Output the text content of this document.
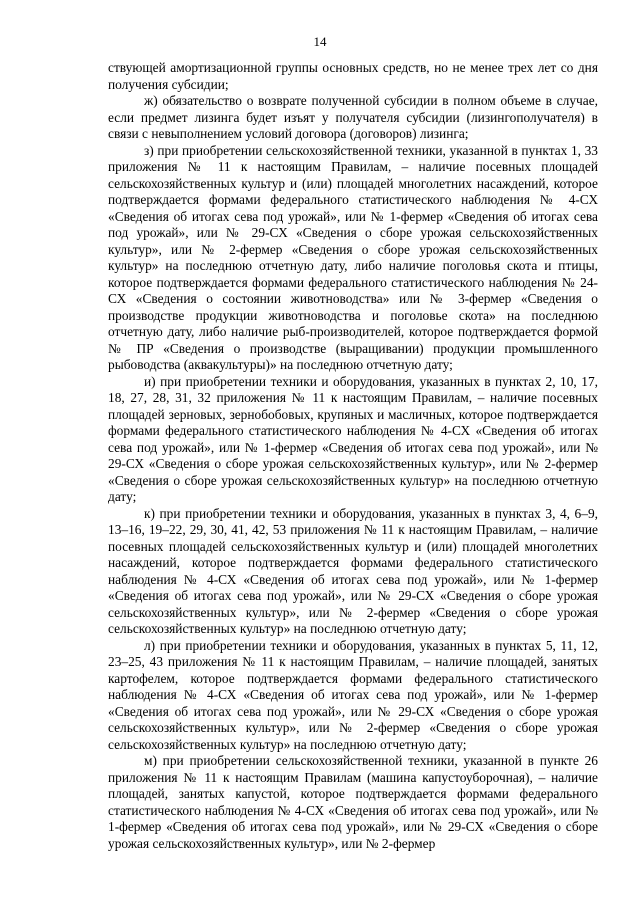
14

ствующей амортизационной группы основных средств, но не менее трех лет со дня получения субсидии;

ж) обязательство о возврате полученной субсидии в полном объеме в случае, если предмет лизинга будет изъят у получателя субсидии (лизингополучателя) в связи с невыполнением условий договора (договоров) лизинга;

з) при приобретении сельскохозяйственной техники, указанной в пунктах 1, 33 приложения № 11 к настоящим Правилам, – наличие посевных площадей сельскохозяйственных культур и (или) площадей многолетних насаждений, которое подтверждается формами федерального статистического наблюдения № 4-СХ «Сведения об итогах сева под урожай», или № 1-фермер «Сведения об итогах сева под урожай», или № 29-СХ «Сведения о сборе урожая сельскохозяйственных культур», или № 2-фермер «Сведения о сборе урожая сельскохозяйственных культур» на последнюю отчетную дату, либо наличие поголовья скота и птицы, которое подтверждается формами федерального статистического наблюдения № 24-СХ «Сведения о состоянии животноводства» или № 3-фермер «Сведения о производстве продукции животноводства и поголовье скота» на последнюю отчетную дату, либо наличие рыб-производителей, которое подтверждается формой № ПР «Сведения о производстве (выращивании) продукции промышленного рыбоводства (аквакультуры)» на последнюю отчетную дату;

и) при приобретении техники и оборудования, указанных в пунктах 2, 10, 17, 18, 27, 28, 31, 32 приложения № 11 к настоящим Правилам, – наличие посевных площадей зерновых, зернобобовых, крупяных и масличных, которое подтверждается формами федерального статистического наблюдения № 4-СХ «Сведения об итогах сева под урожай», или № 1-фермер «Сведения об итогах сева под урожай», или № 29-СХ «Сведения о сборе урожая сельскохозяйственных культур», или № 2-фермер «Сведения о сборе урожая сельскохозяйственных культур» на последнюю отчетную дату;

к) при приобретении техники и оборудования, указанных в пунктах 3, 4, 6–9, 13–16, 19–22, 29, 30, 41, 42, 53 приложения № 11 к настоящим Правилам, – наличие посевных площадей сельскохозяйственных культур и (или) площадей многолетних насаждений, которое подтверждается формами федерального статистического наблюдения № 4-СХ «Сведения об итогах сева под урожай», или № 1-фермер «Сведения об итогах сева под урожай», или № 29-СХ «Сведения о сборе урожая сельскохозяйственных культур», или № 2-фермер «Сведения о сборе урожая сельскохозяйственных культур» на последнюю отчетную дату;

л) при приобретении техники и оборудования, указанных в пунктах 5, 11, 12, 23–25, 43 приложения № 11 к настоящим Правилам, – наличие площадей, занятых картофелем, которое подтверждается формами федерального статистического наблюдения № 4-СХ «Сведения об итогах сева под урожай», или № 1-фермер «Сведения об итогах сева под урожай», или № 29-СХ «Сведения о сборе урожая сельскохозяйственных культур», или № 2-фермер «Сведения о сборе урожая сельскохозяйственных культур» на последнюю отчетную дату;

м) при приобретении сельскохозяйственной техники, указанной в пункте 26 приложения № 11 к настоящим Правилам (машина капустоуборочная), – наличие площадей, занятых капустой, которое подтверждается формами федерального статистического наблюдения № 4-СХ «Сведения об итогах сева под урожай», или № 1-фермер «Сведения об итогах сева под урожай», или № 29-СХ «Сведения о сборе урожая сельскохозяйственных культур», или № 2-фермер
